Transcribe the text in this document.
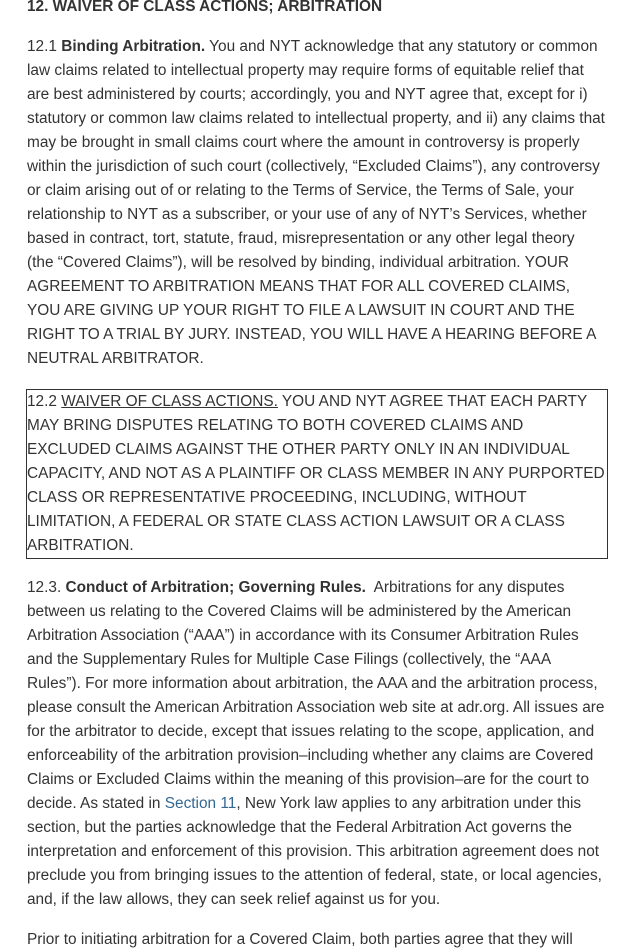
12. WAIVER OF CLASS ACTIONS; ARBITRATION

12.1 Binding Arbitration. You and NYT acknowledge that any statutory or common law claims related to intellectual property may require forms of equitable relief that are best administered by courts; accordingly, you and NYT agree that, except for i) statutory or common law claims related to intellectual property, and ii) any claims that may be brought in small claims court where the amount in controversy is properly within the jurisdiction of such court (collectively, “Excluded Claims”), any controversy or claim arising out of or relating to the Terms of Service, the Terms of Sale, your relationship to NYT as a subscriber, or your use of any of NYT’s Services, whether based in contract, tort, statute, fraud, misrepresentation or any other legal theory (the “Covered Claims”), will be resolved by binding, individual arbitration. YOUR AGREEMENT TO ARBITRATION MEANS THAT FOR ALL COVERED CLAIMS, YOU ARE GIVING UP YOUR RIGHT TO FILE A LAWSUIT IN COURT AND THE RIGHT TO A TRIAL BY JURY. INSTEAD, YOU WILL HAVE A HEARING BEFORE A NEUTRAL ARBITRATOR.

12.2 WAIVER OF CLASS ACTIONS. YOU AND NYT AGREE THAT EACH PARTY MAY BRING DISPUTES RELATING TO BOTH COVERED CLAIMS AND EXCLUDED CLAIMS AGAINST THE OTHER PARTY ONLY IN AN INDIVIDUAL CAPACITY, AND NOT AS A PLAINTIFF OR CLASS MEMBER IN ANY PURPORTED CLASS OR REPRESENTATIVE PROCEEDING, INCLUDING, WITHOUT LIMITATION, A FEDERAL OR STATE CLASS ACTION LAWSUIT OR A CLASS ARBITRATION.

12.3. Conduct of Arbitration; Governing Rules. Arbitrations for any disputes between us relating to the Covered Claims will be administered by the American Arbitration Association (“AAA”) in accordance with its Consumer Arbitration Rules and the Supplementary Rules for Multiple Case Filings (collectively, the “AAA Rules”). For more information about arbitration, the AAA and the arbitration process, please consult the American Arbitration Association web site at adr.org. All issues are for the arbitrator to decide, except that issues relating to the scope, application, and enforceability of the arbitration provision–including whether any claims are Covered Claims or Excluded Claims within the meaning of this provision–are for the court to decide. As stated in Section 11, New York law applies to any arbitration under this section, but the parties acknowledge that the Federal Arbitration Act governs the interpretation and enforcement of this provision. This arbitration agreement does not preclude you from bringing issues to the attention of federal, state, or local agencies, and, if the law allows, they can seek relief against us for you.

Prior to initiating arbitration for a Covered Claim, both parties agree that they will
